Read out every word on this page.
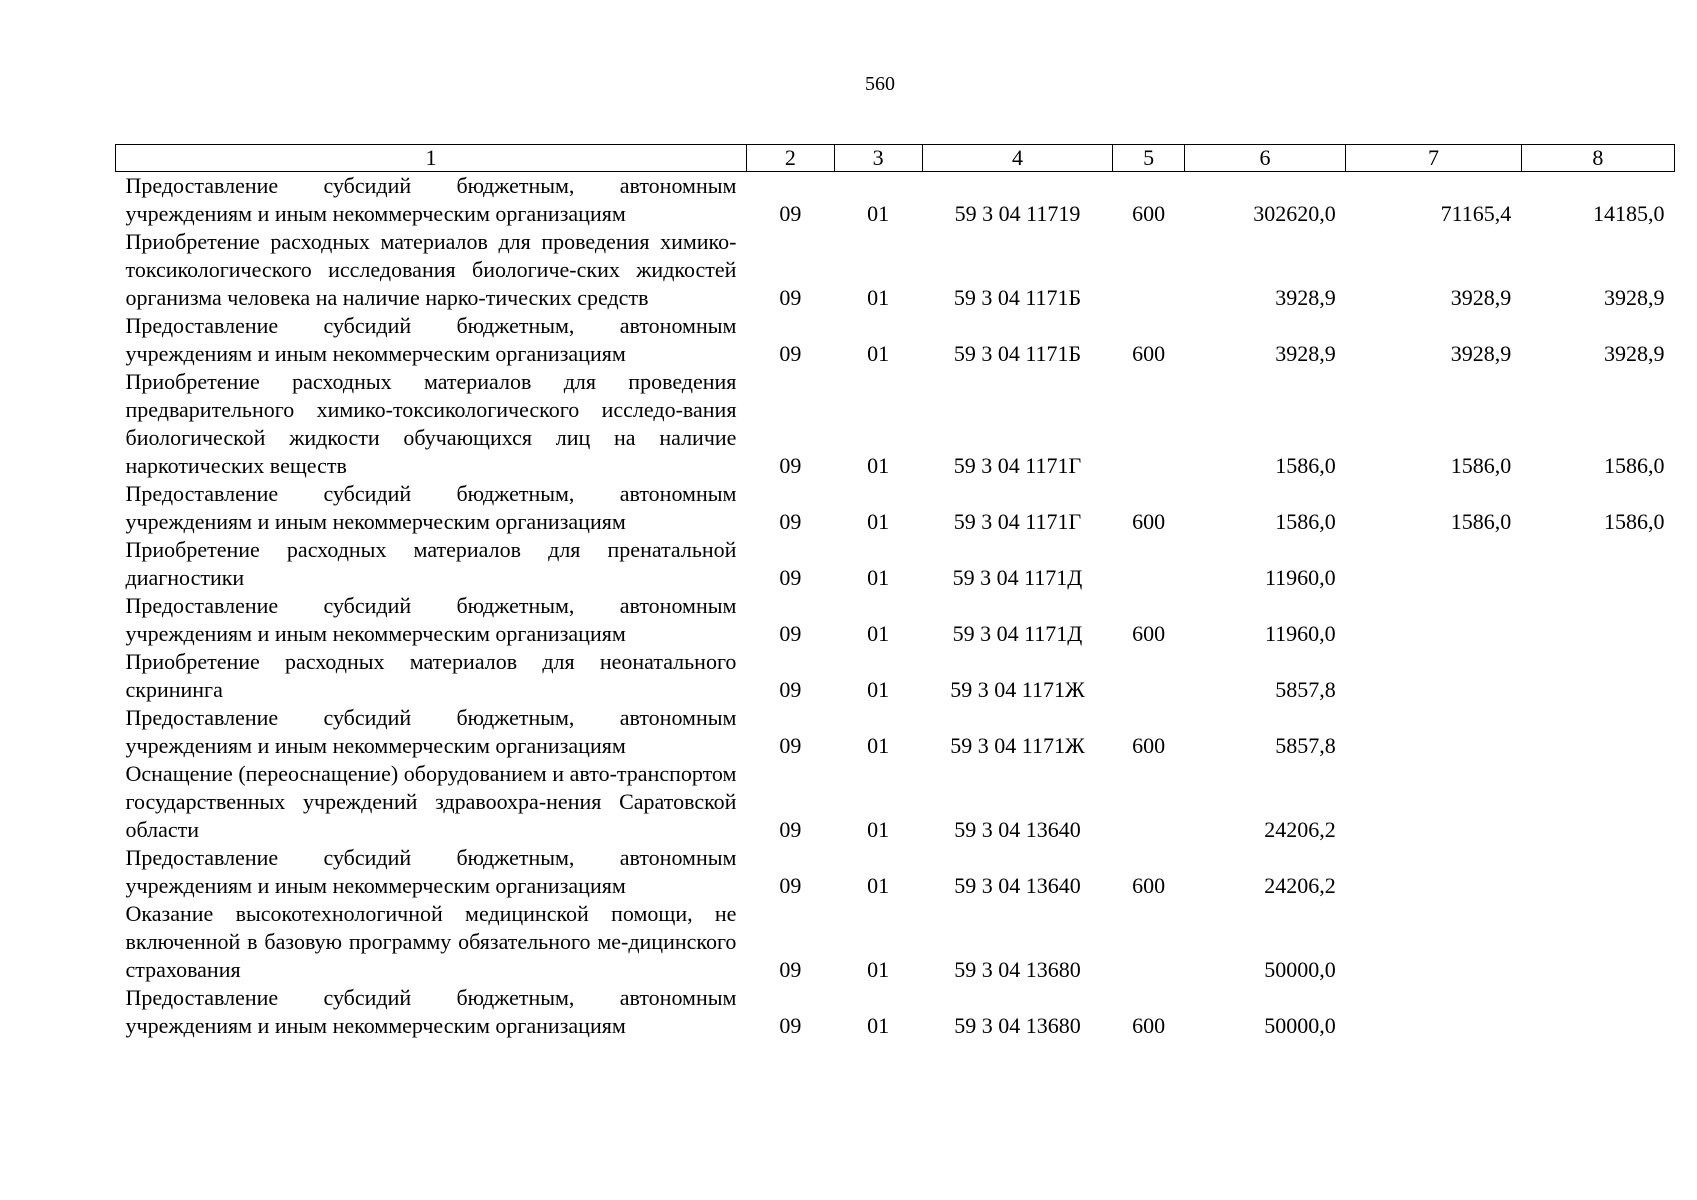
560
1	2	3	4	5	6	7	8
Предоставление субсидий бюджетным, автономным учреждениям и иным некоммерческим организациям	09	01	59 3 04 11719	600	302620,0	71165,4	14185,0
Приобретение расходных материалов для проведения химико-токсикологического исследования биологиче-ских жидкостей организма человека на наличие нарко-тических средств	09	01	59 3 04 1171Б		3928,9	3928,9	3928,9
Предоставление субсидий бюджетным, автономным учреждениям и иным некоммерческим организациям	09	01	59 3 04 1171Б	600	3928,9	3928,9	3928,9
Приобретение расходных материалов для проведения предварительного химико-токсикологического исследо-вания биологической жидкости обучающихся лиц на наличие наркотических веществ	09	01	59 3 04 1171Г		1586,0	1586,0	1586,0
Предоставление субсидий бюджетным, автономным учреждениям и иным некоммерческим организациям	09	01	59 3 04 1171Г	600	1586,0	1586,0	1586,0
Приобретение расходных материалов для пренатальной диагностики	09	01	59 3 04 1171Д		11960,0		
Предоставление субсидий бюджетным, автономным учреждениям и иным некоммерческим организациям	09	01	59 3 04 1171Д	600	11960,0		
Приобретение расходных материалов для неонатального скрининга	09	01	59 3 04 1171Ж		5857,8		
Предоставление субсидий бюджетным, автономным учреждениям и иным некоммерческим организациям	09	01	59 3 04 1171Ж	600	5857,8		
Оснащение (переоснащение) оборудованием и авто-транспортом государственных учреждений здравоохра-нения Саратовской области	09	01	59 3 04 13640		24206,2		
Предоставление субсидий бюджетным, автономным учреждениям и иным некоммерческим организациям	09	01	59 3 04 13640	600	24206,2		
Оказание высокотехнологичной медицинской помощи, не включенной в базовую программу обязательного ме-дицинского страхования	09	01	59 3 04 13680		50000,0		
Предоставление субсидий бюджетным, автономным учреждениям и иным некоммерческим организациям	09	01	59 3 04 13680	600	50000,0		
